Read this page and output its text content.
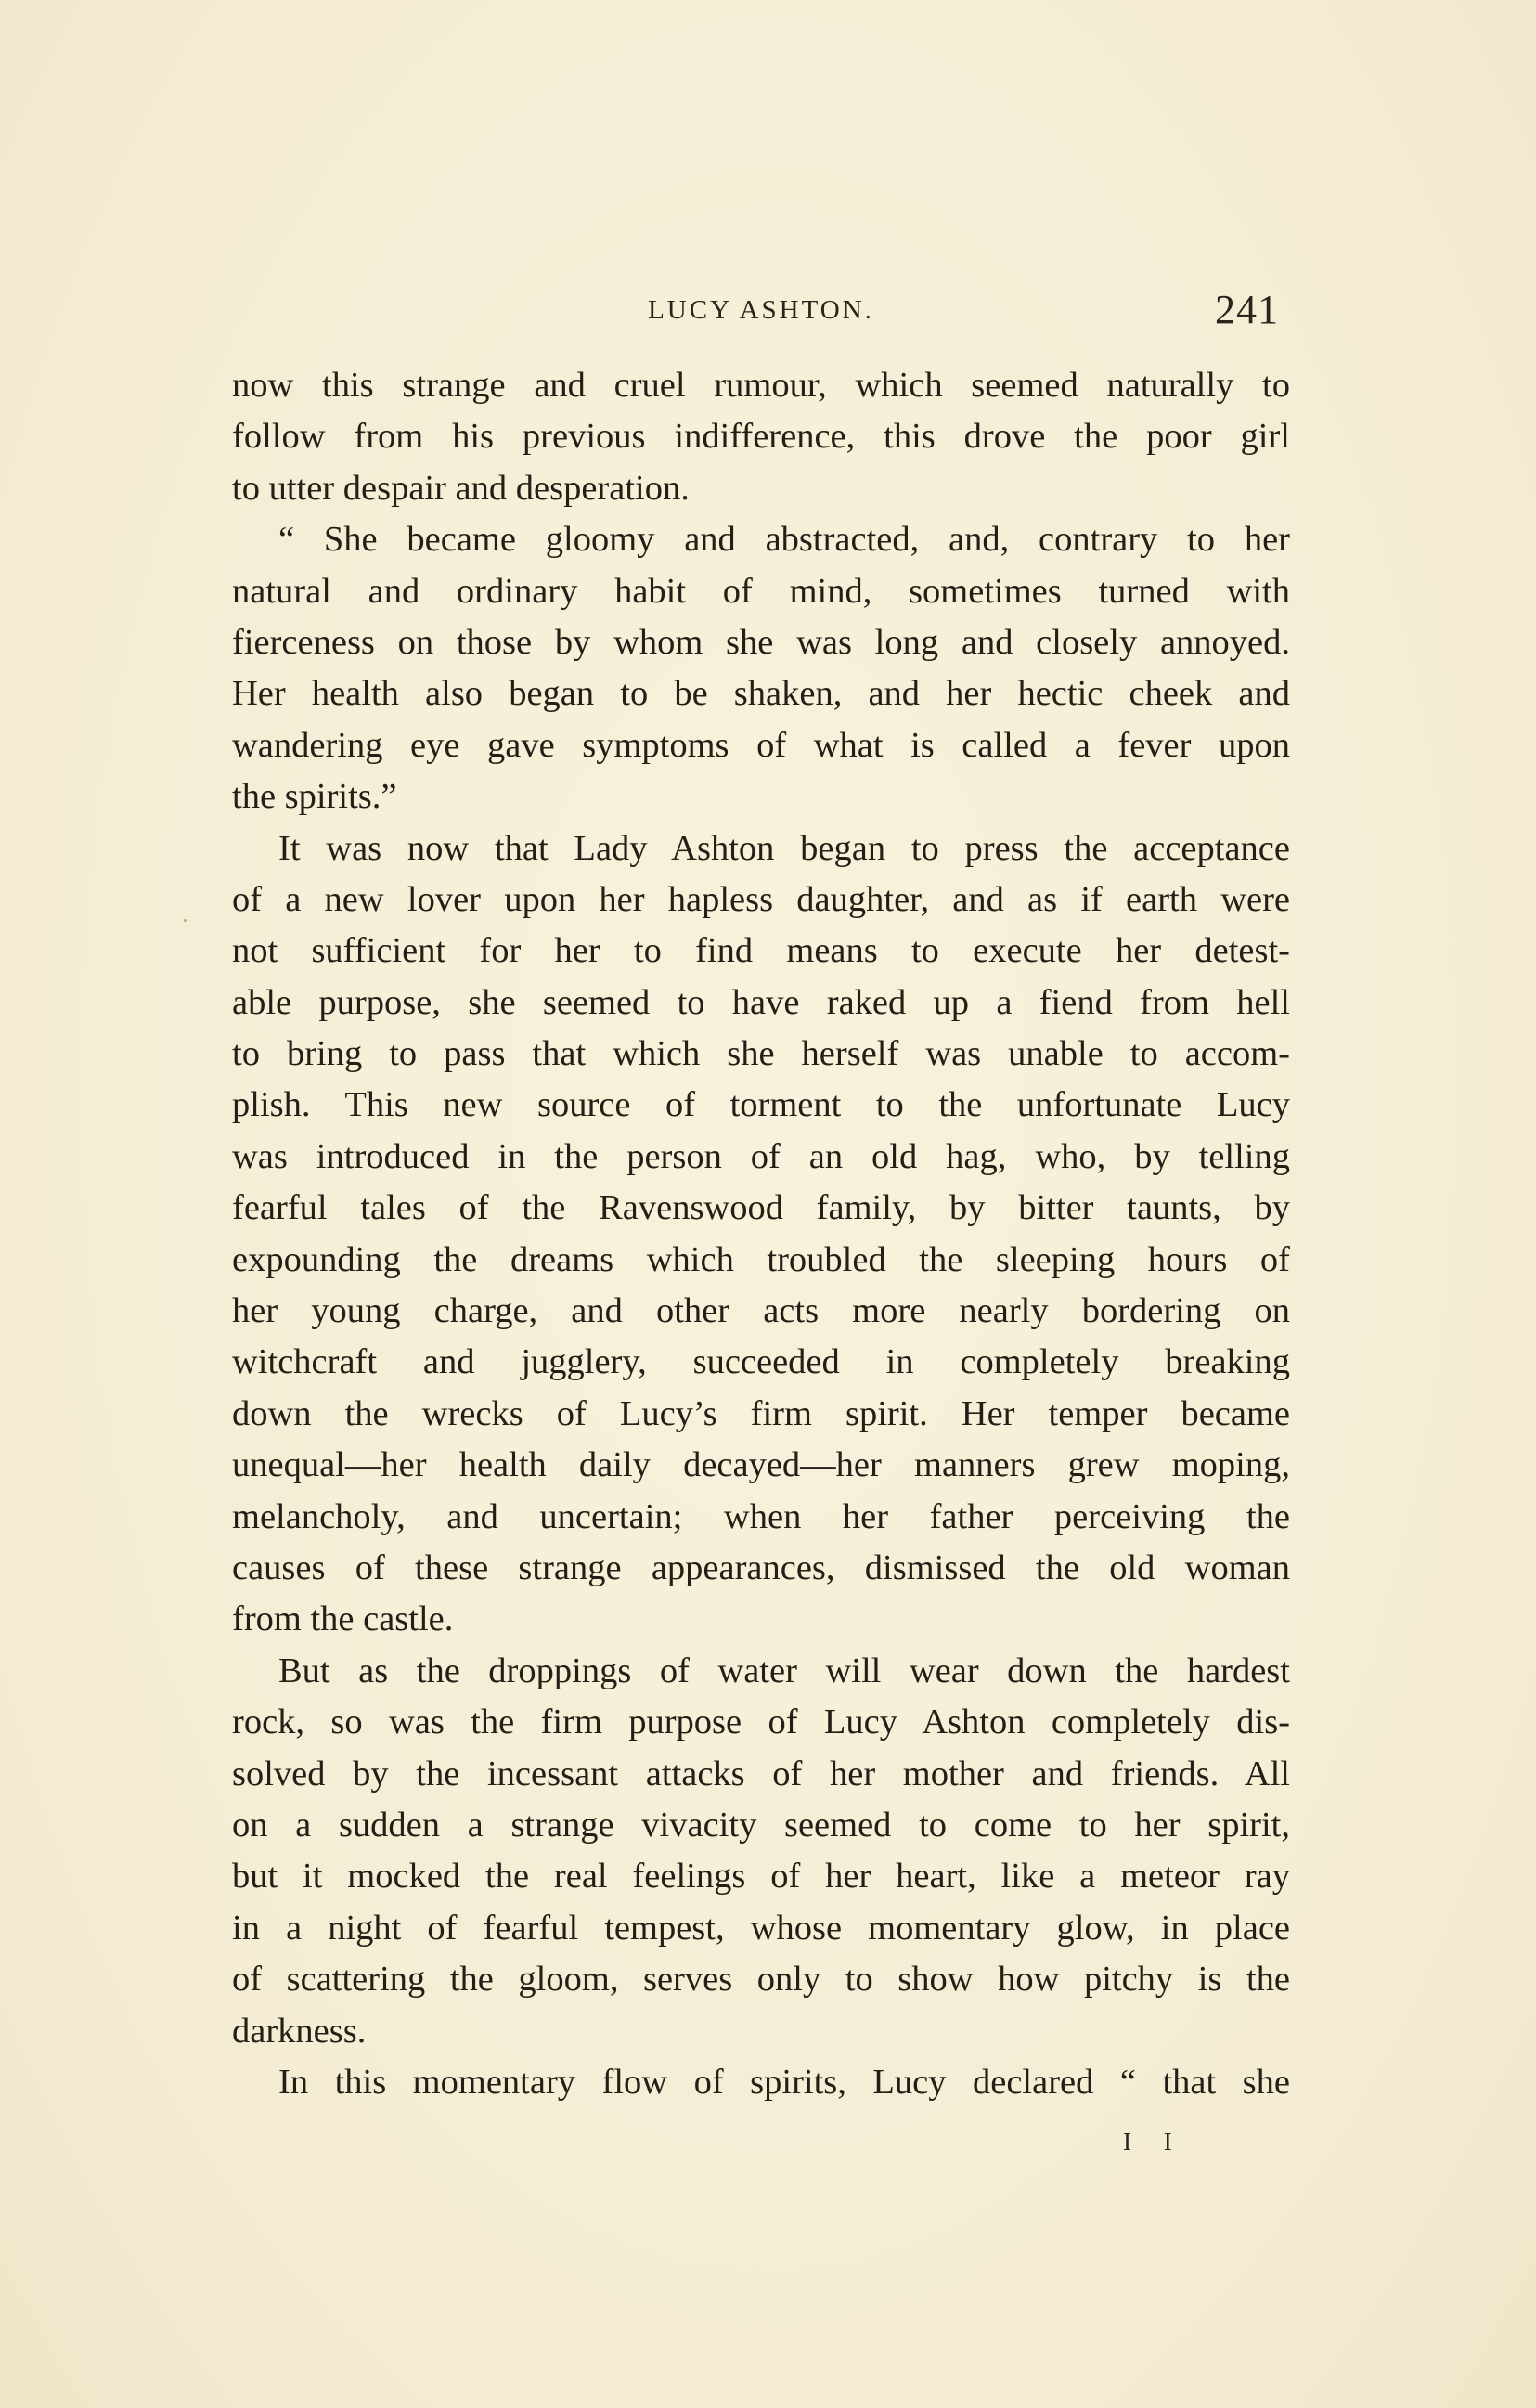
LUCY ASHTON.	241
now this strange and cruel rumour, which seemed naturally to
follow from his previous indifference, this drove the poor girl
to utter despair and desperation.
“ She became gloomy and abstracted, and, contrary to her
natural and ordinary habit of mind, sometimes turned with
fierceness on those by whom she was long and closely annoyed.
Her health also began to be shaken, and her hectic cheek and
wandering eye gave symptoms of what is called a fever upon
the spirits.”
It was now that Lady Ashton began to press the acceptance
of a new lover upon her hapless daughter, and as if earth were
not sufficient for her to find means to execute her detest-
able purpose, she seemed to have raked up a fiend from hell
to bring to pass that which she herself was unable to accom-
plish. This new source of torment to the unfortunate Lucy
was introduced in the person of an old hag, who, by telling
fearful tales of the Ravenswood family, by bitter taunts, by
expounding the dreams which troubled the sleeping hours of
her young charge, and other acts more nearly bordering on
witchcraft and jugglery, succeeded in completely breaking
down the wrecks of Lucy’s firm spirit. Her temper became
unequal—her health daily decayed—her manners grew moping,
melancholy, and uncertain; when her father perceiving the
causes of these strange appearances, dismissed the old woman
from the castle.
But as the droppings of water will wear down the hardest
rock, so was the firm purpose of Lucy Ashton completely dis-
solved by the incessant attacks of her mother and friends. All
on a sudden a strange vivacity seemed to come to her spirit,
but it mocked the real feelings of her heart, like a meteor ray
in a night of fearful tempest, whose momentary glow, in place
of scattering the gloom, serves only to show how pitchy is the
darkness.
In this momentary flow of spirits, Lucy declared “ that she
I I
